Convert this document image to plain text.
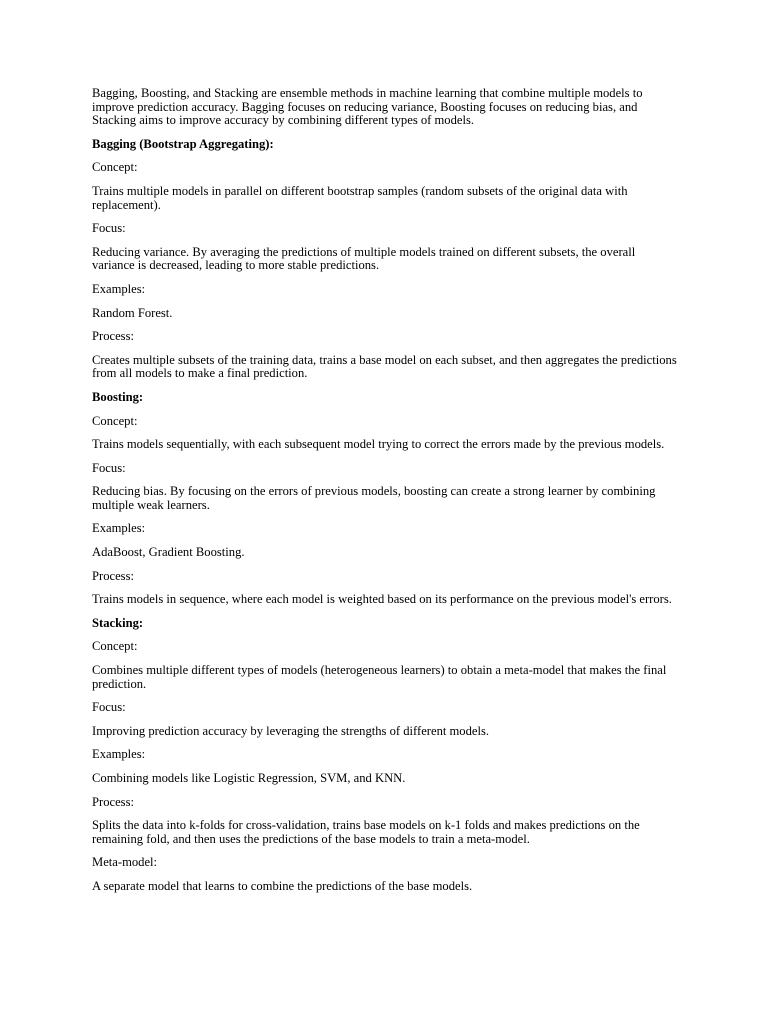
Bagging, Boosting, and Stacking are ensemble methods in machine learning that combine multiple models to improve prediction accuracy. Bagging focuses on reducing variance, Boosting focuses on reducing bias, and Stacking aims to improve accuracy by combining different types of models.

Bagging (Bootstrap Aggregating):

Concept:

Trains multiple models in parallel on different bootstrap samples (random subsets of the original data with replacement).

Focus:

Reducing variance. By averaging the predictions of multiple models trained on different subsets, the overall variance is decreased, leading to more stable predictions.

Examples:

Random Forest.

Process:

Creates multiple subsets of the training data, trains a base model on each subset, and then aggregates the predictions from all models to make a final prediction.

Boosting:

Concept:

Trains models sequentially, with each subsequent model trying to correct the errors made by the previous models.

Focus:

Reducing bias. By focusing on the errors of previous models, boosting can create a strong learner by combining multiple weak learners.

Examples:

AdaBoost, Gradient Boosting.

Process:

Trains models in sequence, where each model is weighted based on its performance on the previous model's errors.

Stacking:

Concept:

Combines multiple different types of models (heterogeneous learners) to obtain a meta-model that makes the final prediction.

Focus:

Improving prediction accuracy by leveraging the strengths of different models.

Examples:

Combining models like Logistic Regression, SVM, and KNN.

Process:

Splits the data into k-folds for cross-validation, trains base models on k-1 folds and makes predictions on the remaining fold, and then uses the predictions of the base models to train a meta-model.

Meta-model:

A separate model that learns to combine the predictions of the base models.
